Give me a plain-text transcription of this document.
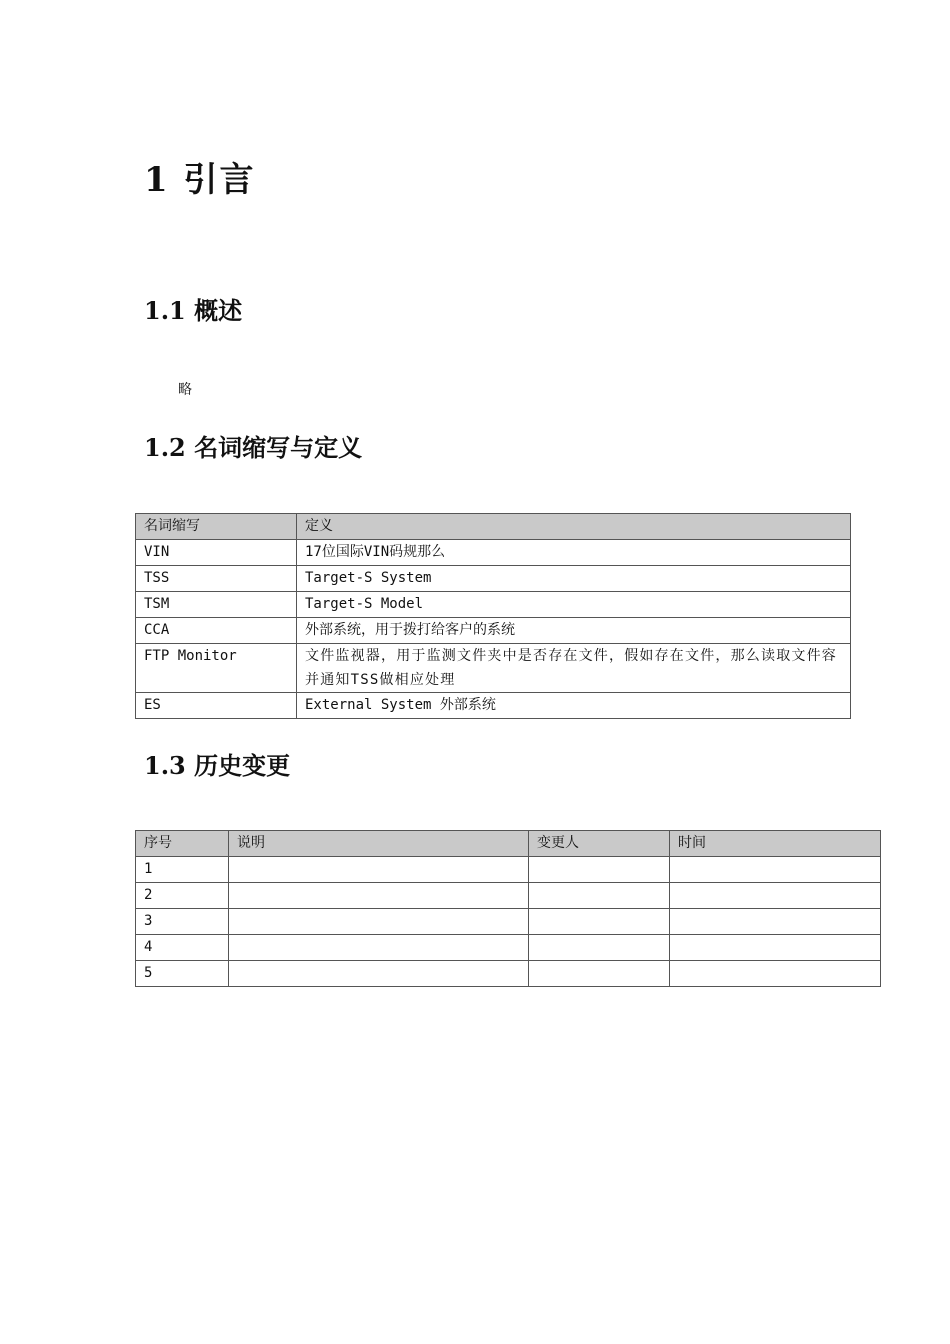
1 引言
1.1 概述
略
1.2 名词缩写与定义
名词缩写	定义
VIN	17位国际VIN码规那么
TSS	Target-S System
TSM	Target-S Model
CCA	外部系统，用于拨打给客户的系统
FTP Monitor	文件监视器，用于监测文件夹中是否存在文件，假如存在文件，那么读取文件容并通知TSS做相应处理
ES	External System 外部系统
1.3 历史变更
序号	说明	变更人	时间
1			
2			
3			
4			
5			
